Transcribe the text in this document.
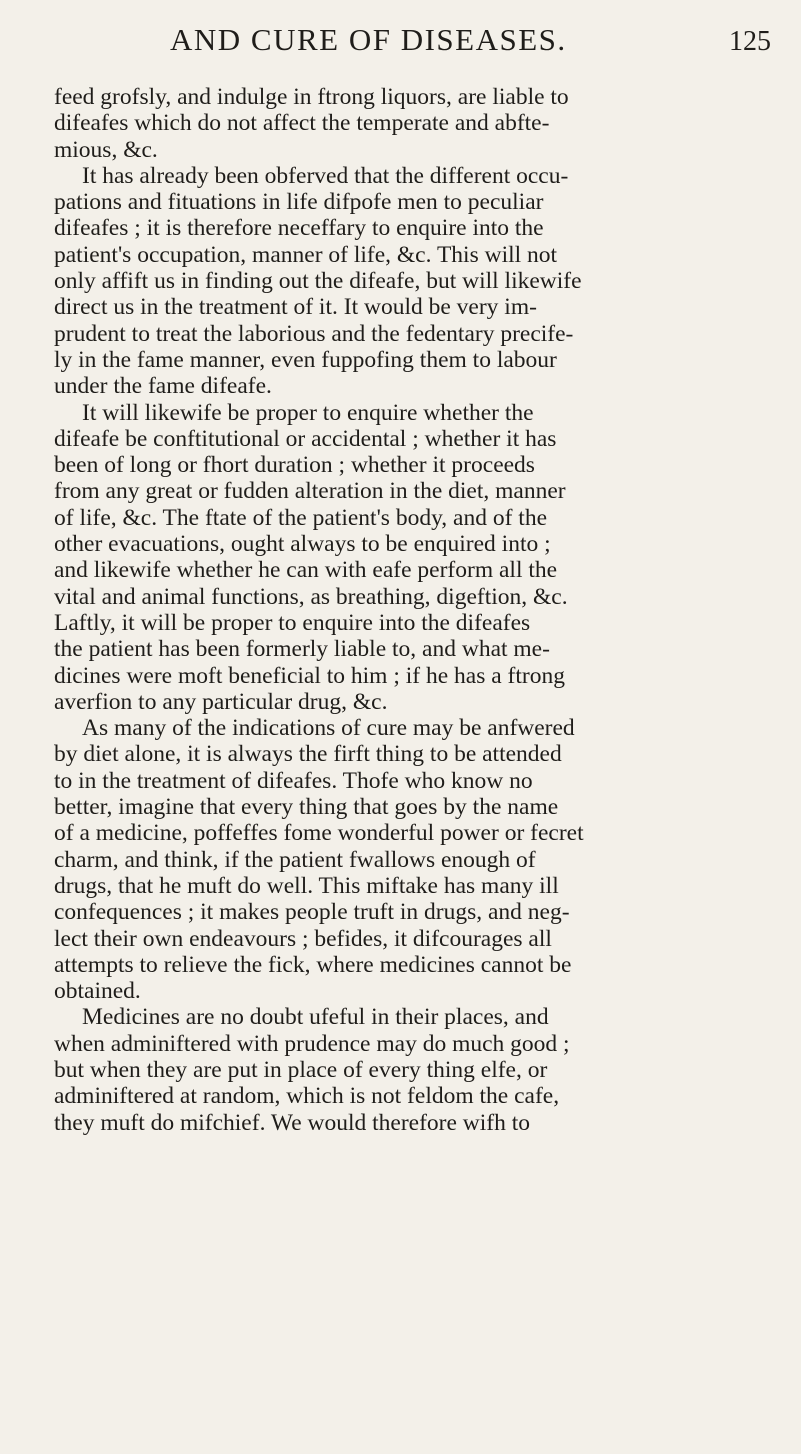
AND CURE OF DISEASES.	125
feed grofsly, and indulge in ftrong liquors, are liable to
difeafes which do not affect the temperate and abfte-
mious, &c.
It has already been obferved that the different occu-
pations and fituations in life difpofe men to peculiar
difeafes ; it is therefore neceffary to enquire into the
patient's occupation, manner of life, &c. This will not
only affift us in finding out the difeafe, but will likewife
direct us in the treatment of it. It would be very im-
prudent to treat the laborious and the fedentary precife-
ly in the fame manner, even fuppofing them to labour
under the fame difeafe.
It will likewife be proper to enquire whether the
difeafe be conftitutional or accidental ; whether it has
been of long or fhort duration ; whether it proceeds
from any great or fudden alteration in the diet, manner
of life, &c. The ftate of the patient's body, and of the
other evacuations, ought always to be enquired into ;
and likewife whether he can with eafe perform all the
vital and animal functions, as breathing, digeftion, &c.
Laftly, it will be proper to enquire into the difeafes
the patient has been formerly liable to, and what me-
dicines were moft beneficial to him ; if he has a ftrong
averfion to any particular drug, &c.
As many of the indications of cure may be anfwered
by diet alone, it is always the firft thing to be attended
to in the treatment of difeafes. Thofe who know no
better, imagine that every thing that goes by the name
of a medicine, poffeffes fome wonderful power or fecret
charm, and think, if the patient fwallows enough of
drugs, that he muft do well. This miftake has many ill
confequences ; it makes people truft in drugs, and neg-
lect their own endeavours ; befides, it difcourages all
attempts to relieve the fick, where medicines cannot be
obtained.
Medicines are no doubt ufeful in their places, and
when adminiftered with prudence may do much good ;
but when they are put in place of every thing elfe, or
adminiftered at random, which is not feldom the cafe,
they muft do mifchief. We would therefore wifh to
